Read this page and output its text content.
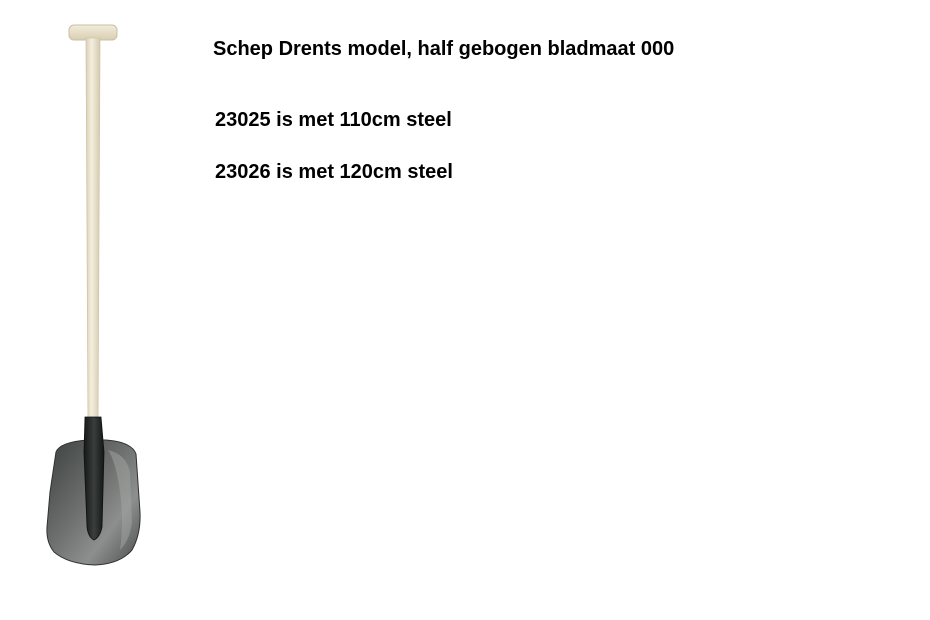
Schep Drents model, half gebogen bladmaat 000
23025 is met 110cm steel
23026 is met 120cm steel
